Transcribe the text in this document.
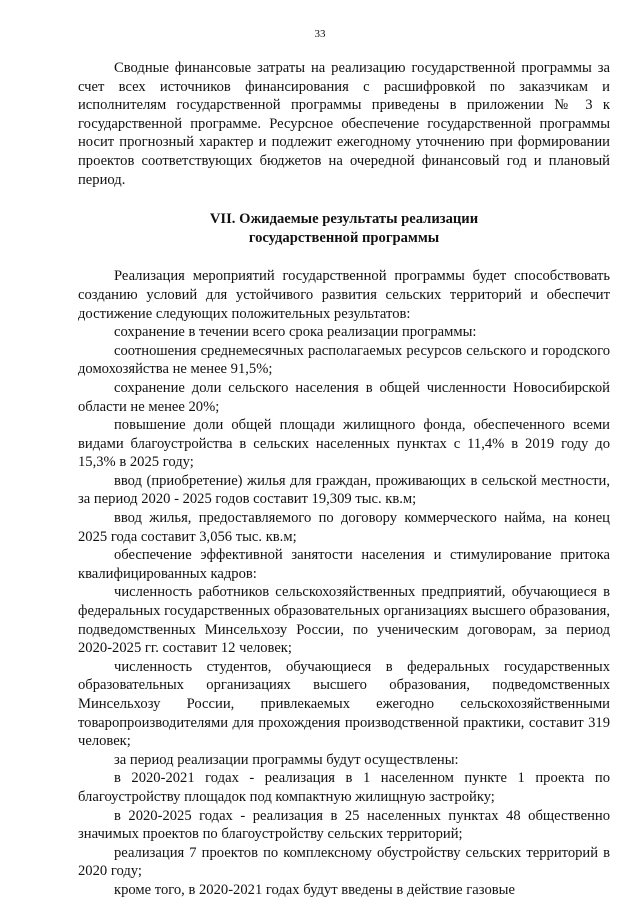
33

Сводные финансовые затраты на реализацию государственной программы за счет всех источников финансирования с расшифровкой по заказчикам и исполнителям государственной программы приведены в приложении № 3 к государственной программе. Ресурсное обеспечение государственной программы носит прогнозный характер и подлежит ежегодному уточнению при формировании проектов соответствующих бюджетов на очередной финансовый год и плановый период.

VII. Ожидаемые результаты реализации
государственной программы

Реализация мероприятий государственной программы будет способствовать созданию условий для устойчивого развития сельских территорий и обеспечит достижение следующих положительных результатов:

сохранение в течении всего срока реализации программы:

соотношения среднемесячных располагаемых ресурсов сельского и городского домохозяйства не менее 91,5%;

сохранение доли сельского населения в общей численности Новосибирской области не менее 20%;

повышение доли общей площади жилищного фонда, обеспеченного всеми видами благоустройства в сельских населенных пунктах с 11,4% в 2019 году до 15,3% в 2025 году;

ввод (приобретение) жилья для граждан, проживающих в сельской местности, за период 2020 - 2025 годов составит 19,309 тыс. кв.м;

ввод жилья, предоставляемого по договору коммерческого найма, на конец 2025 года составит 3,056 тыс. кв.м;

обеспечение эффективной занятости населения и стимулирование притока квалифицированных кадров:

численность работников сельскохозяйственных предприятий, обучающиеся в федеральных государственных образовательных организациях высшего образования, подведомственных Минсельхозу России, по ученическим договорам, за период 2020-2025 гг. составит 12 человек;

численность студентов, обучающиеся в федеральных государственных образовательных организациях высшего образования, подведомственных Минсельхозу России, привлекаемых ежегодно сельскохозяйственными товаропроизводителями для прохождения производственной практики, составит 319 человек;

за период реализации программы будут осуществлены:

в 2020-2021 годах - реализация в 1 населенном пункте 1 проекта по благоустройству площадок под компактную жилищную застройку;

в 2020-2025 годах - реализация в 25 населенных пунктах 48 общественно значимых проектов по благоустройству сельских территорий;

реализация 7 проектов по комплексному обустройству сельских территорий в 2020 году;

кроме того, в 2020-2021 годах будут введены в действие газовые
